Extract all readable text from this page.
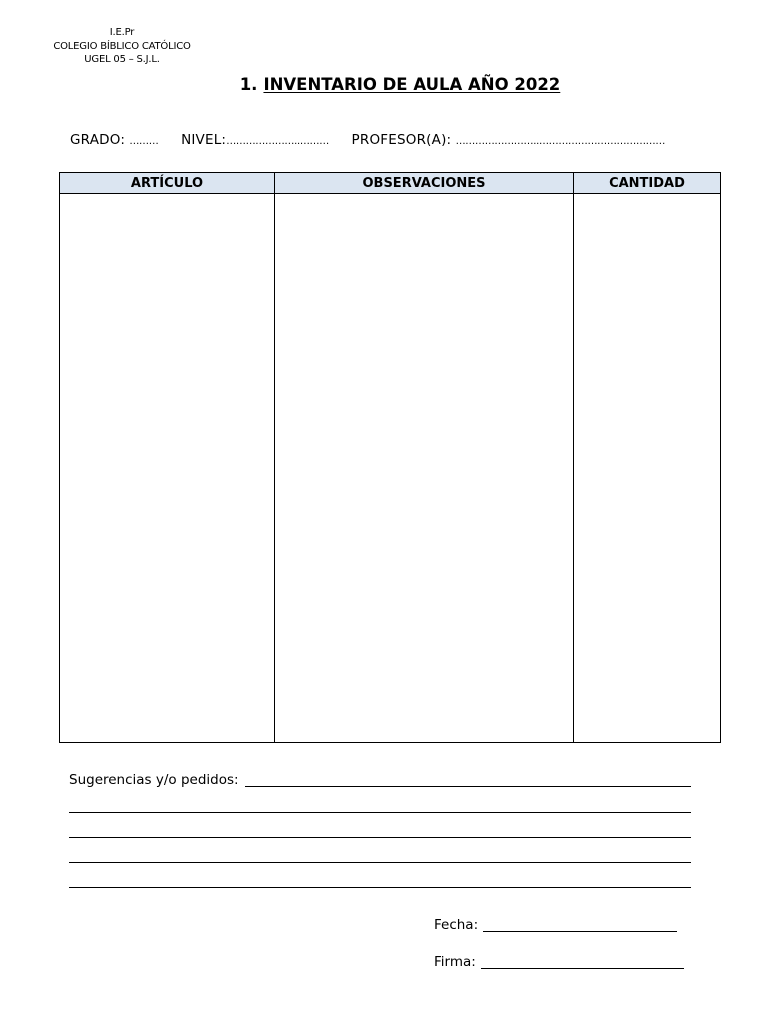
I.E.Pr
COLEGIO BÍBLICO CATÓLICO
UGEL 05 – S.J.L.
1. INVENTARIO DE AULA AÑO 2022
GRADO: ……… NIVEL:…………………..……… PROFESOR(A): ……………………..…………………………………
ARTÍCULO	OBSERVACIONES	CANTIDAD

Sugerencias y/o pedidos:
Fecha:
Firma:
